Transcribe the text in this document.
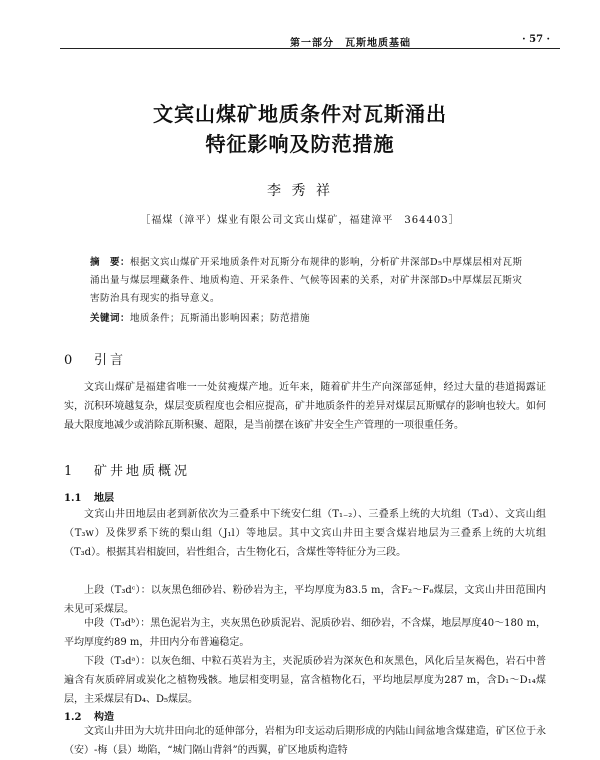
第一部分　瓦斯地质基础	· 57 ·
文宾山煤矿地质条件对瓦斯涌出
特征影响及防范措施
李 秀 祥
［福煤（漳平）煤业有限公司文宾山煤矿，福建漳平　364403］
摘　要：根据文宾山煤矿开采地质条件对瓦斯分布规律的影响，分析矿井深部D₅中厚煤层相对瓦斯涌出量与煤层埋藏条件、地质构造、开采条件、气候等因素的关系，对矿井深部D₅中厚煤层瓦斯灾害防治具有现实的指导意义。
关键词：地质条件；瓦斯涌出影响因素；防范措施
0 引言
文宾山煤矿是福建省唯一一处贫瘦煤产地。近年来，随着矿井生产向深部延伸，经过大量的巷道揭露证实，沉积环境越复杂，煤层变质程度也会相应提高，矿井地质条件的差异对煤层瓦斯赋存的影响也较大。如何最大限度地减少或消除瓦斯积聚、超限，是当前摆在该矿井安全生产管理的一项很重任务。
1 矿井地质概况
1.1 地层
文宾山井田地层由老到新依次为三叠系中下统安仁组（T₁₋₂）、三叠系上统的大坑组（T₃d）、文宾山组（T₃w）及侏罗系下统的梨山组（J₁l）等地层。其中文宾山井田主要含煤岩地层为三叠系上统的大坑组（T₃d）。根据其岩相旋回，岩性组合，古生物化石，含煤性等特征分为三段。
上段（T₃dᶜ）：以灰黑色细砂岩、粉砂岩为主，平均厚度为83.5 m，含F₂～F₆煤层，文宾山井田范围内未见可采煤层。
中段（T₃dᵇ）：黑色泥岩为主，夹灰黑色砂质泥岩、泥质砂岩、细砂岩，不含煤，地层厚度40～180 m，平均厚度约89 m，井田内分布普遍稳定。
下段（T₃dᵃ）：以灰色细、中粒石英岩为主，夹泥质砂岩为深灰色和灰黑色，风化后呈灰褐色，岩石中普遍含有灰质碎屑或炭化之植物残骸。地层相变明显，富含植物化石，平均地层厚度为287 m，含D₁～D₁₄煤层，主采煤层有D₄、D₅煤层。
1.2 构造
文宾山井田为大坑井田向北的延伸部分，岩相为印支运动后期形成的内陆山间盆地含煤建造，矿区位于永（安）-梅（县）坳陷，“城门隔山背斜”的西翼，矿区地质构造特
